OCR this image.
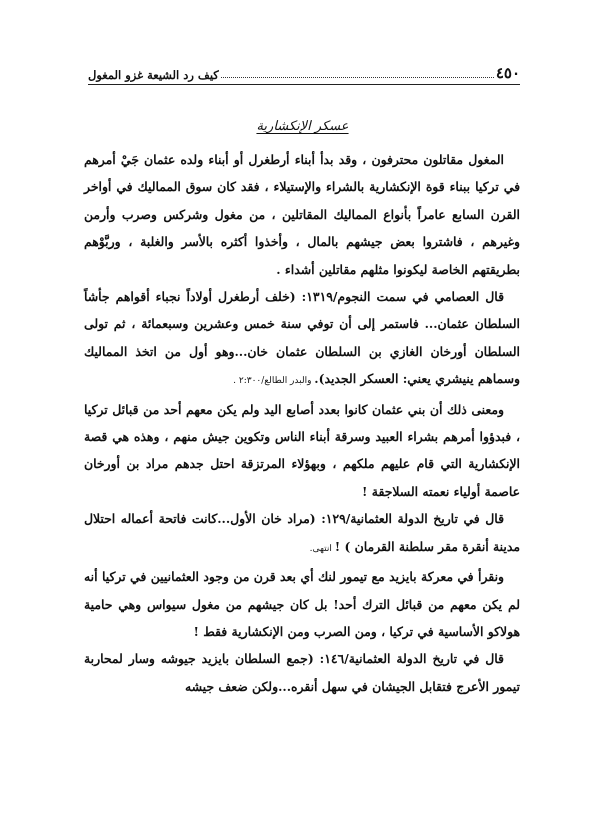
٤٥٠
كيف رد الشيعة غزو المغول
عسكر الإنكشارية

المغول مقاتلون محترفون ، وقد بدأ أبناء أرطغرل أو أبناء ولده عثمان جَيْ أمرهم في تركيا ببناء قوة الإنكشارية بالشراء والإستيلاء ، فقد كان سوق المماليك في أواخر القرن السابع عامراً بأنواع المماليك المقاتلين ، من مغول وشركس وصرب وأرمن وغيرهم ، فاشتروا بعض جيشهم بالمال ، وأخذوا أكثره بالأسر والغلبة ، وربَّوْهم بطريقتهم الخاصة ليكونوا مثلهم مقاتلين أشداء .

قال العصامي في سمت النجوم/١٣١٩: (خلف أرطغرل أولاداً نجباء أقواهم جأشاً السلطان عثمان... فاستمر إلى أن توفي سنة خمس وعشرين وسبعمائة ، ثم تولى السلطان أورخان الغازي بن السلطان عثمان خان...وهو أول من اتخذ المماليك وسماهم ينيشري يعني: العسكر الجديد). والبدر الطالع/٢:٣٠٠ .

ومعنى ذلك أن بني عثمان كانوا بعدد أصابع اليد ولم يكن معهم أحد من قبائل تركيا ، فبدؤوا أمرهم بشراء العبيد وسرقة أبناء الناس وتكوين جيش منهم ، وهذه هي قصة الإنكشارية التي قام عليهم ملكهم ، وبهؤلاء المرتزقة احتل جدهم مراد بن أورخان عاصمة أولياء نعمته السلاجقة !

قال في تاريخ الدولة العثمانية/١٢٩: (مراد خان الأول...كانت فاتحة أعماله احتلال مدينة أنقرة مقر سلطنة القرمان ) ! انتهى.

ونقرأ في معركة بايزيد مع تيمور لنك أي بعد قرن من وجود العثمانيين في تركيا أنه لم يكن معهم من قبائل الترك أحد! بل كان جيشهم من مغول سيواس وهي حامية هولاكو الأساسية في تركيا ، ومن الصرب ومن الإنكشارية فقط !

قال في تاريخ الدولة العثمانية/١٤٦: (جمع السلطان بايزيد جيوشه وسار لمحاربة تيمور الأعرج فتقابل الجيشان في سهل أنقره...ولكن ضعف جيشه
